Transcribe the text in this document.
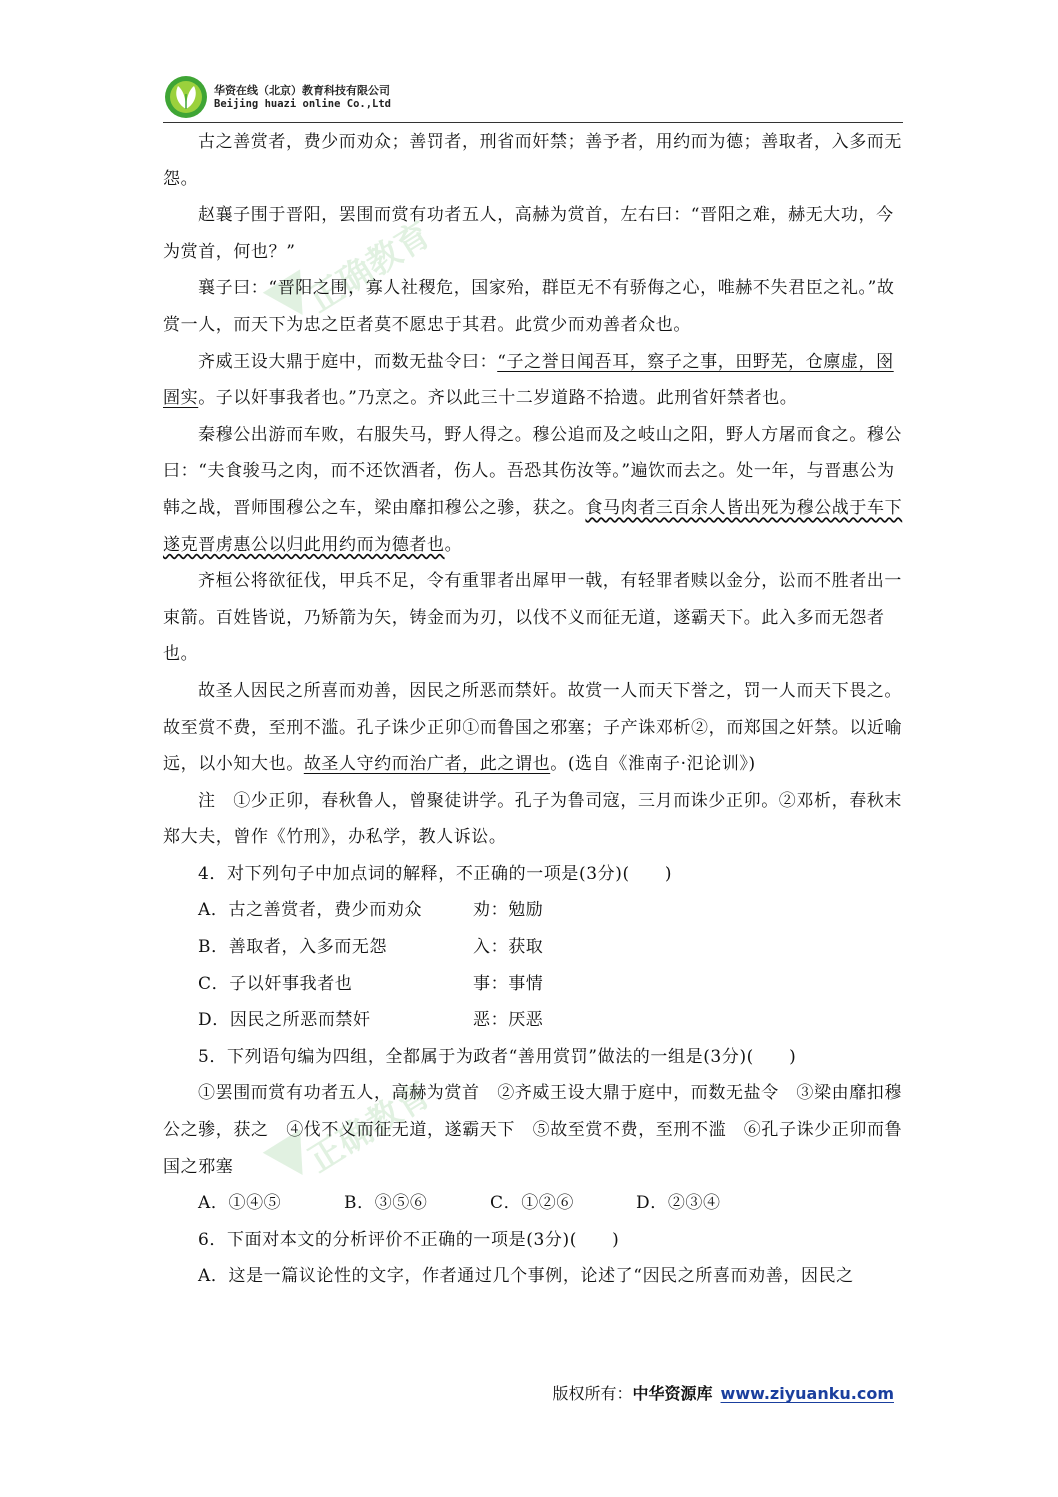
华资在线（北京）教育科技有限公司
Beijing huazi online Co.,Ltd
正确教育
正确教育

古之善赏者，费少而劝众；善罚者，刑省而奸禁；善予者，用约而为德；善取者，入多而无怨。

赵襄子围于晋阳，罢围而赏有功者五人，高赫为赏首，左右曰：“晋阳之难，赫无大功，今为赏首，何也？”

襄子曰：“晋阳之围，寡人社稷危，国家殆，群臣无不有骄侮之心，唯赫不失君臣之礼。”故赏一人，而天下为忠之臣者莫不愿忠于其君。此赏少而劝善者众也。

齐威王设大鼎于庭中，而数无盐令曰：“子之誉日闻吾耳，察子之事，田野芜，仓廪虚，囹圄实。子以奸事我者也。”乃烹之。齐以此三十二岁道路不拾遗。此刑省奸禁者也。

秦穆公出游而车败，右服失马，野人得之。穆公追而及之岐山之阳，野人方屠而食之。穆公曰：“夫食骏马之肉，而不还饮酒者，伤人。吾恐其伤汝等。”遍饮而去之。处一年，与晋惠公为韩之战，晋师围穆公之车，梁由靡扣穆公之骖，获之。食马肉者三百余人皆出死为穆公战于车下遂克晋虏惠公以归此用约而为德者也。

齐桓公将欲征伐，甲兵不足，令有重罪者出犀甲一戟，有轻罪者赎以金分，讼而不胜者出一束箭。百姓皆说，乃矫箭为矢，铸金而为刃，以伐不义而征无道，遂霸天下。此入多而无怨者也。

故圣人因民之所喜而劝善，因民之所恶而禁奸。故赏一人而天下誉之，罚一人而天下畏之。故至赏不费，至刑不滥。孔子诛少正卯①而鲁国之邪塞；子产诛邓析②，而郑国之奸禁。以近喻远，以小知大也。故圣人守约而治广者，此之谓也。(选自《淮南子·氾论训》)

注　①少正卯，春秋鲁人，曾聚徒讲学。孔子为鲁司寇，三月而诛少正卯。②邓析，春秋末郑大夫，曾作《竹刑》，办私学，教人诉讼。

4．对下列句子中加点词的解释，不正确的一项是(3分)(　　)

A．古之善赏者，费少而劝众	劝：勉励
B．善取者，入多而无怨	入：获取
C．子以奸事我者也	事：事情
D．因民之所恶而禁奸	恶：厌恶

5．下列语句编为四组，全都属于为政者“善用赏罚”做法的一组是(3分)(　　)

①罢围而赏有功者五人，高赫为赏首　②齐威王设大鼎于庭中，而数无盐令　③梁由靡扣穆公之骖，获之　④伐不义而征无道，遂霸天下　⑤故至赏不费，至刑不滥　⑥孔子诛少正卯而鲁国之邪塞

A．①④⑤	B．③⑤⑥	C．①②⑥	D．②③④

6．下面对本文的分析评价不正确的一项是(3分)(　　)

A．这是一篇议论性的文字，作者通过几个事例，论述了“因民之所喜而劝善，因民之

版权所有：中华资源库 www.ziyuanku.com
